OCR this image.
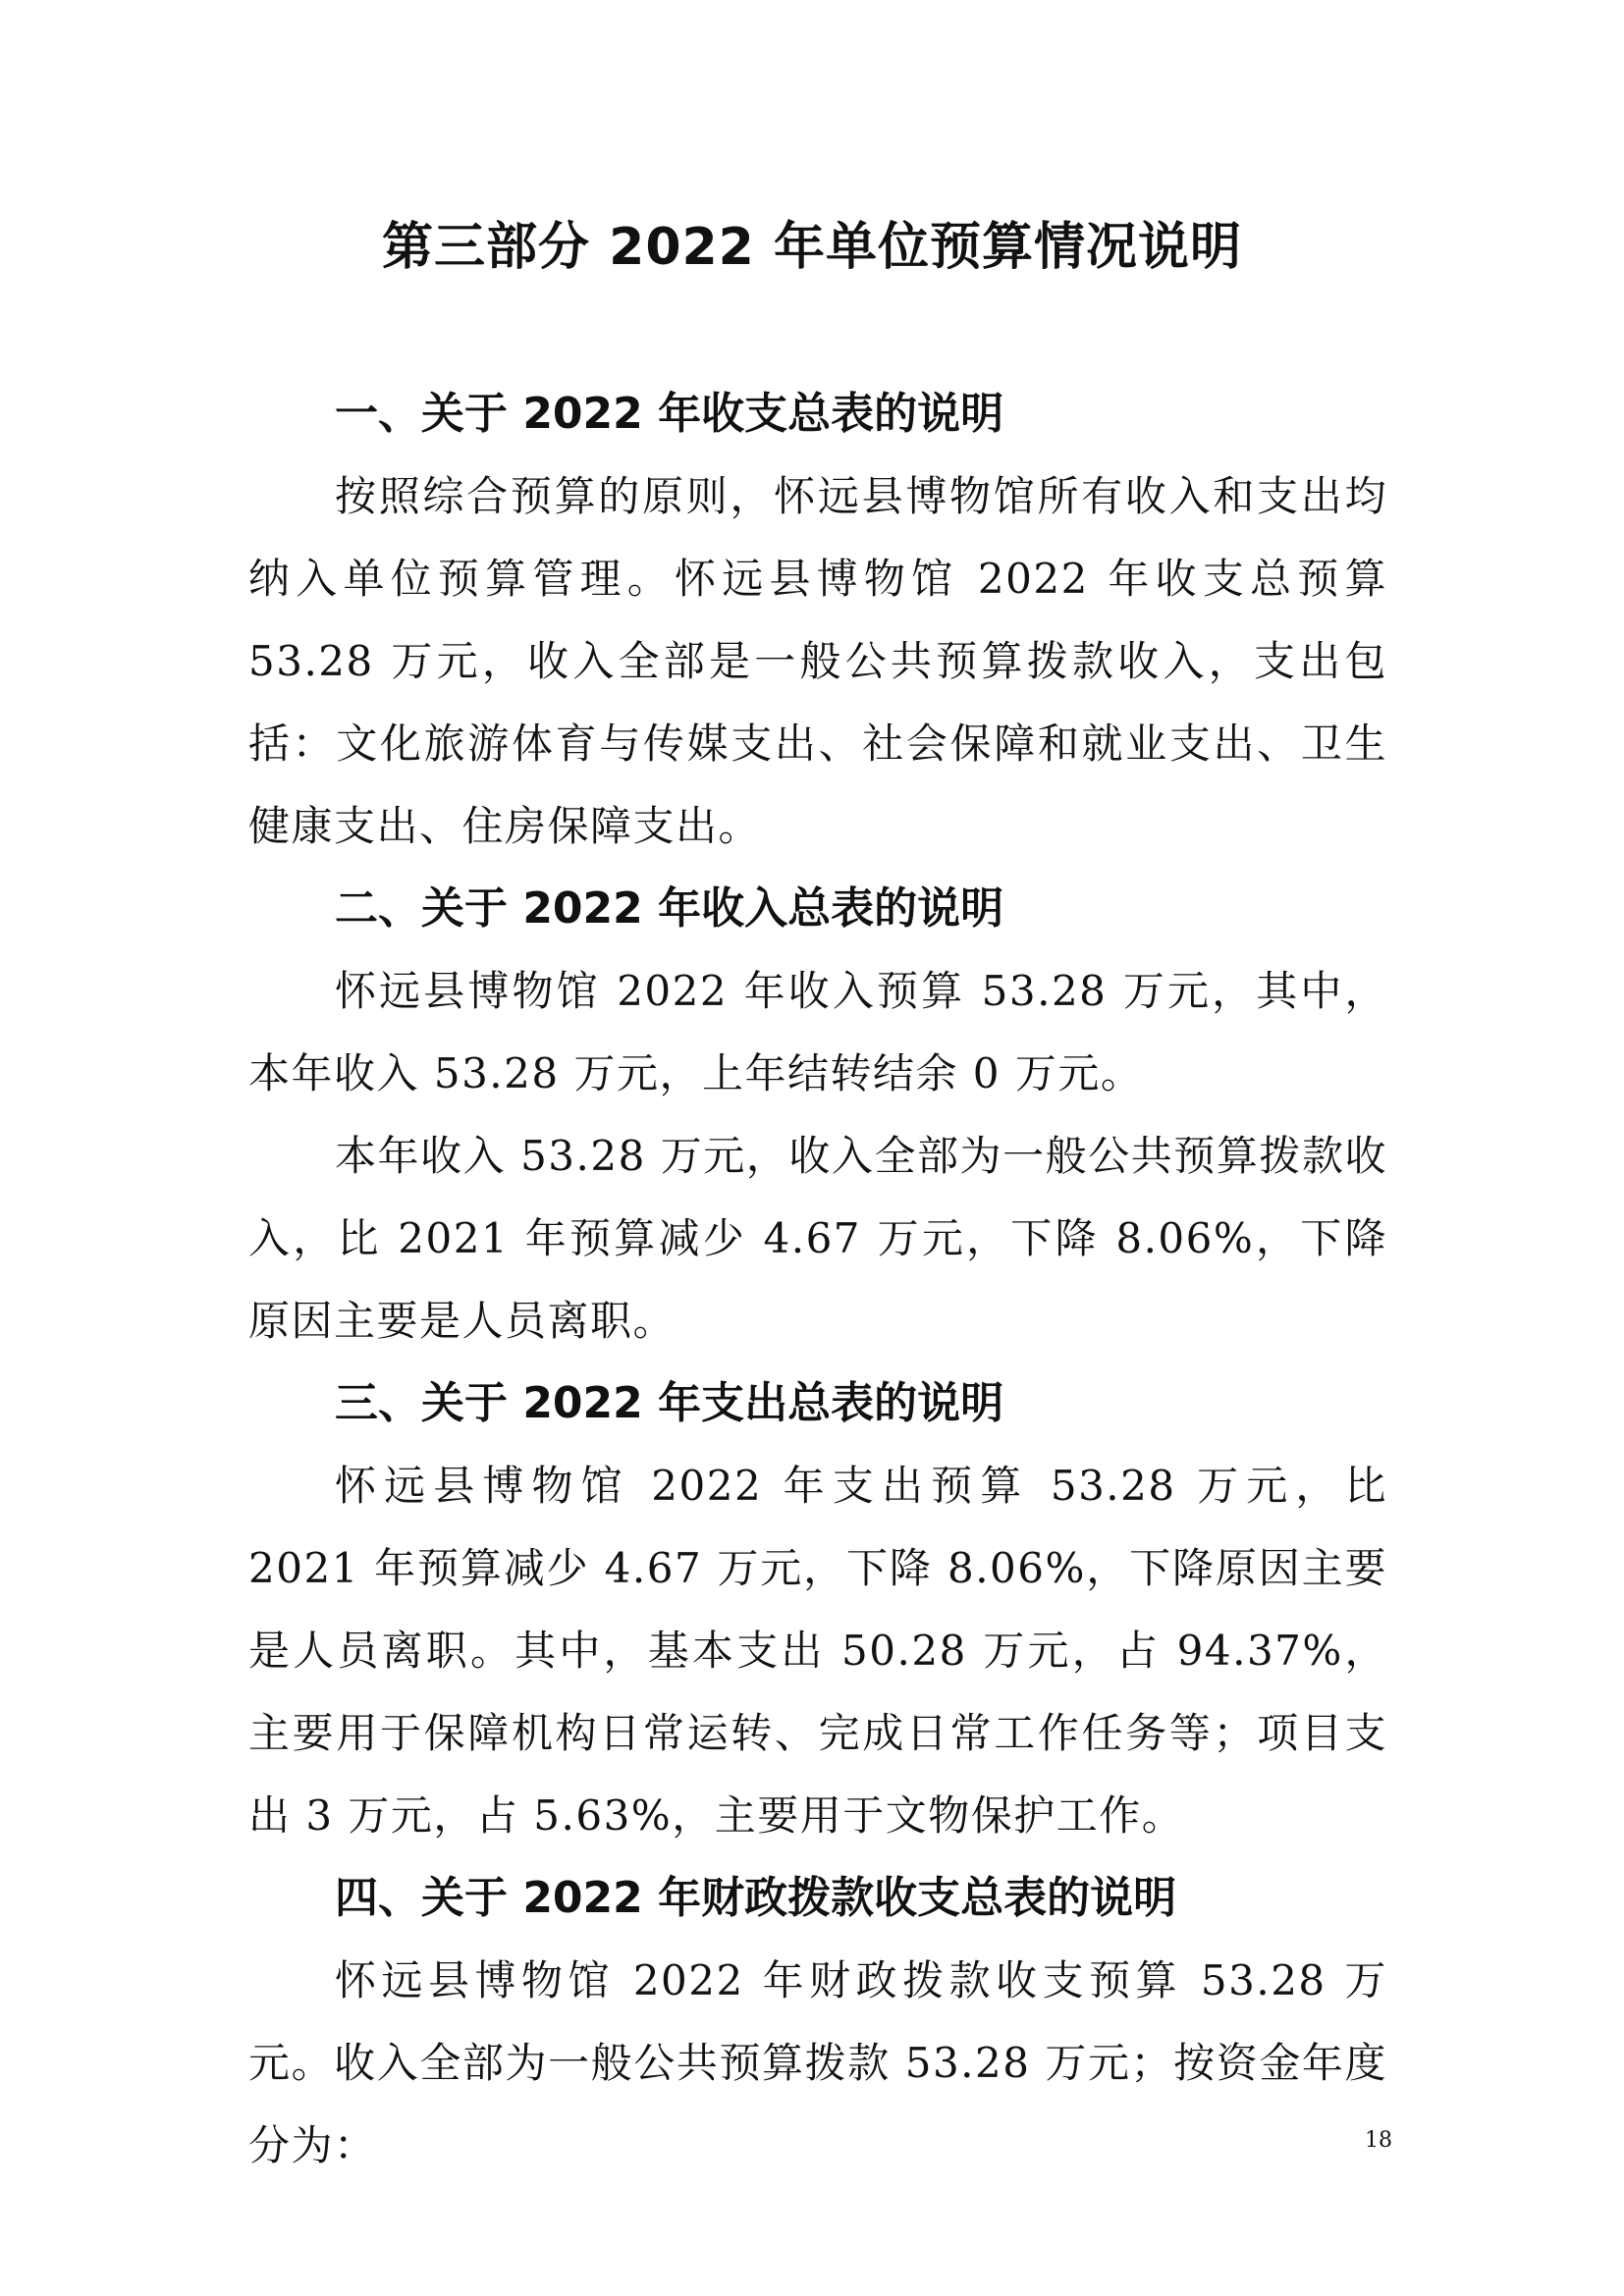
第三部分 2022 年单位预算情况说明
一、关于 2022 年收支总表的说明

按照综合预算的原则，怀远县博物馆所有收入和支出均纳入单位预算管理。怀远县博物馆 2022 年收支总预算 53.28 万元，收入全部是一般公共预算拨款收入，支出包括：文化旅游体育与传媒支出、社会保障和就业支出、卫生健康支出、住房保障支出。

二、关于 2022 年收入总表的说明

怀远县博物馆 2022 年收入预算 53.28 万元，其中，本年收入 53.28 万元，上年结转结余 0 万元。

本年收入 53.28 万元，收入全部为一般公共预算拨款收入，比 2021 年预算减少 4.67 万元，下降 8.06%，下降原因主要是人员离职。

三、关于 2022 年支出总表的说明

怀远县博物馆 2022 年支出预算 53.28 万元，比 2021 年预算减少 4.67 万元，下降 8.06%，下降原因主要是人员离职。其中，基本支出 50.28 万元，占 94.37%，主要用于保障机构日常运转、完成日常工作任务等；项目支出 3 万元，占 5.63%，主要用于文物保护工作。

四、关于 2022 年财政拨款收支总表的说明

怀远县博物馆 2022 年财政拨款收支预算 53.28 万元。收入全部为一般公共预算拨款 53.28 万元；按资金年度分为：	18
